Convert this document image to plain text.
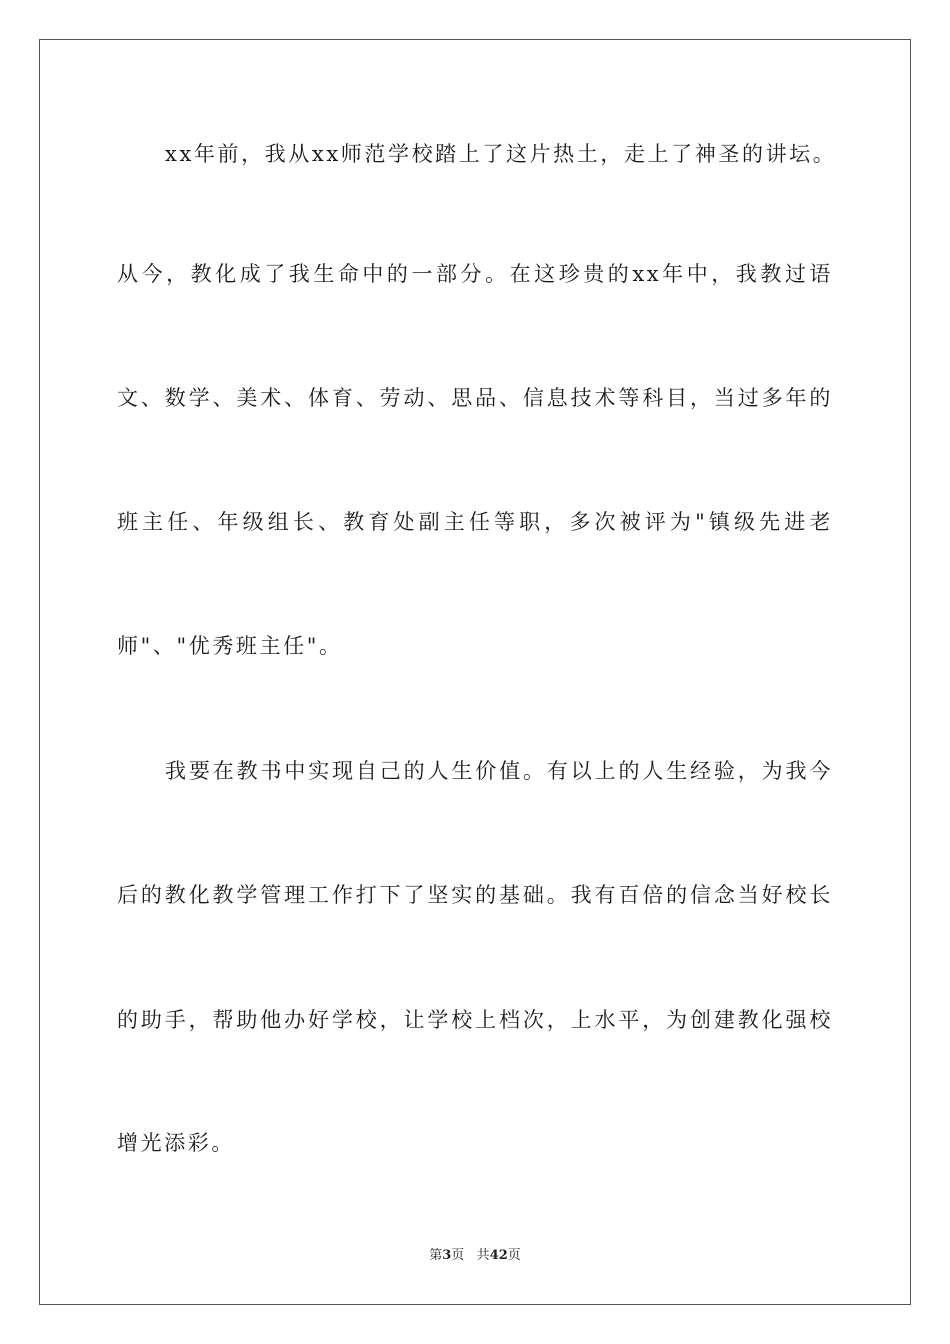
xx年前，我从xx师范学校踏上了这片热土，走上了神圣的讲坛。
从今，教化成了我生命中的一部分。在这珍贵的xx年中，我教过语
文、数学、美术、体育、劳动、思品、信息技术等科目，当过多年的
班主任、年级组长、教育处副主任等职，多次被评为"镇级先进老
师"、"优秀班主任"。
我要在教书中实现自己的人生价值。有以上的人生经验，为我今
后的教化教学管理工作打下了坚实的基础。我有百倍的信念当好校长
的助手，帮助他办好学校，让学校上档次，上水平，为创建教化强校
增光添彩。
第3页 共42页
